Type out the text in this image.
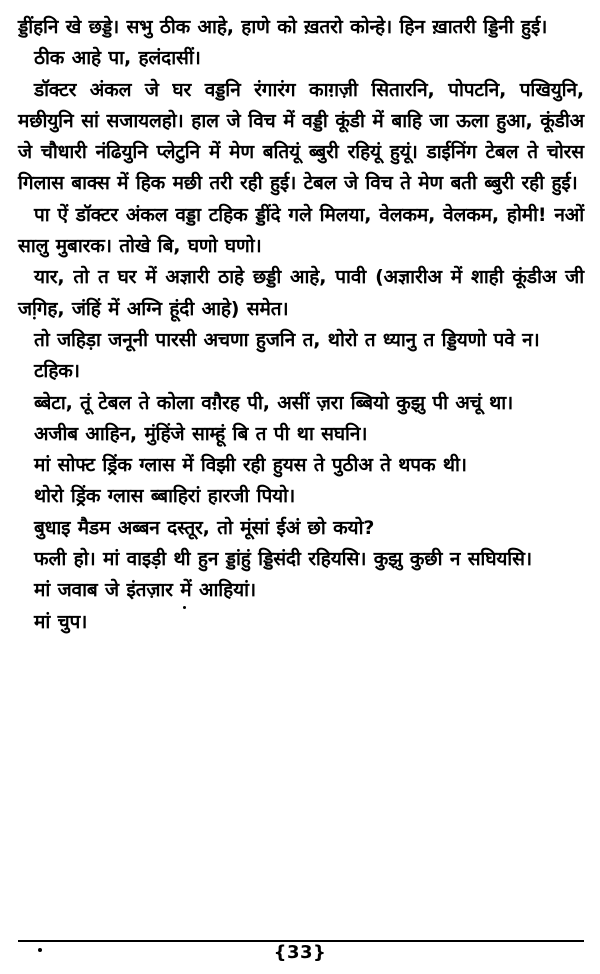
ड्डींहनि खे छड्डे। सभु ठीक आहे, हाणे को ख़तरो कोन्हे। हिन ख़ातरी ड्डिनी हुई।

ठीक आहे पा, हलंदासीं।

डॉक्टर अंकल जे घर वड्डनि रंगारंग काग़ज़ी सितारनि, पोपटनि, पखियुनि, मछीयुनि सां सजायलहो। हाल जे विच में वड्डी कूंडी में बाहि जा ऊला हुआ, कूंडीअ जे चौधारी नंढियुनि प्लेटुनि में मेण बतियूं ब्बुरी रहियूं हुयूं। डाईनिंग टेबल ते चोरस गिलास बाक्स में हिक मछी तरी रही हुई। टेबल जे विच ते मेण बती ब्बुरी रही हुई।

पा ऐं डॉक्टर अंकल वड्डा टहिक ड्डींदे गले मिलया, वेलकम, वेलकम, होमी! नओं सालु मुबारक। तोखे बि, घणो घणो।

यार, तो त घर में अज्ञारी ठाहे छड्डी आहे, पावी (अज्ञारीअ में शाही कूंडीअ जी जगि़ह, जंहिं में अग्नि हूंदी आहे) समेत।

तो जहिड़ा जनूनी पारसी अचणा हुजनि त, थोरो त ध्यानु त ड्डियणो पवे न।

टहिक।

ब्बेटा, तूं टेबल ते कोला वग़ैरह पी, असीं ज़रा ब्बियो कुझु पी अचूं था।

अजीब आहिन, मुंहिंजे साम्हूं बि त पी था सघनि।

मां सोफ्ट ड्रिंक ग्लास में विझी रही हुयस ते पुठीअ ते थपक थी।

थोरो ड्रिंक ग्लास ब्बाहिरां हारजी पियो।

बुधाइ मैडम अब्बन दस्तूर, तो मूंसां ईअं छो कयो?

फली हो। मां वाइड़ी थी हुन ड्डांहुं ड्डिसंदी रहियसि। कुझु कुछी न सघियसि।

मां जवाब जे इंतज़ार में आहियां।

मां चुप।

{33}
